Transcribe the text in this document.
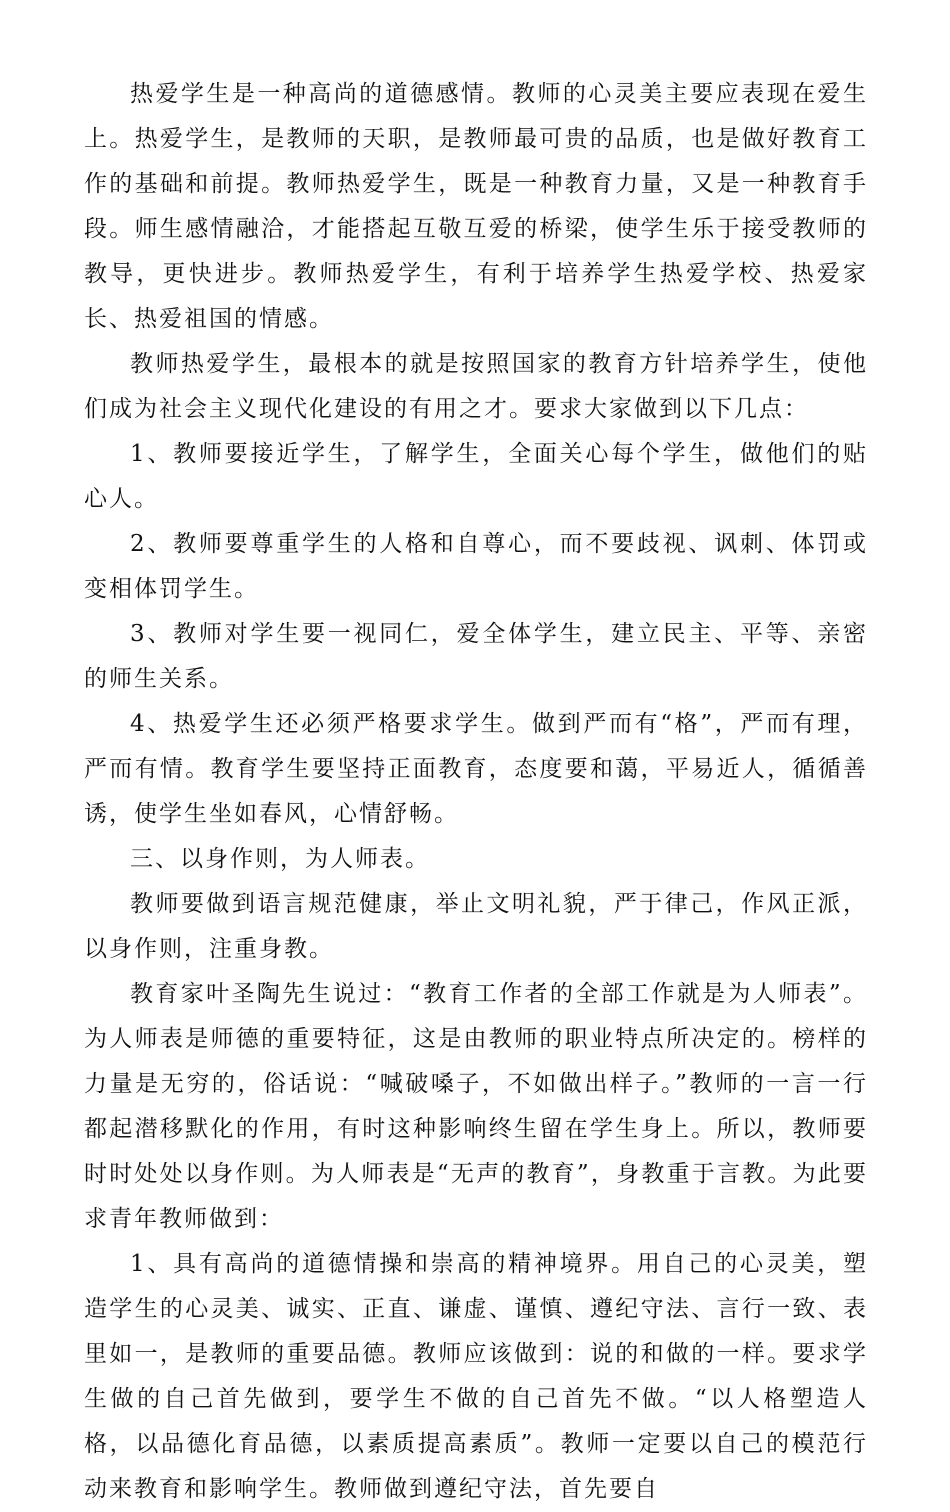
热爱学生是一种高尚的道德感情。教师的心灵美主要应表现在爱生上。热爱学生，是教师的天职，是教师最可贵的品质，也是做好教育工作的基础和前提。教师热爱学生，既是一种教育力量，又是一种教育手段。师生感情融洽，才能搭起互敬互爱的桥梁，使学生乐于接受教师的教导，更快进步。教师热爱学生，有利于培养学生热爱学校、热爱家长、热爱祖国的情感。

教师热爱学生，最根本的就是按照国家的教育方针培养学生，使他们成为社会主义现代化建设的有用之才。要求大家做到以下几点：

1、教师要接近学生，了解学生，全面关心每个学生，做他们的贴心人。

2、教师要尊重学生的人格和自尊心，而不要歧视、讽刺、体罚或变相体罚学生。

3、教师对学生要一视同仁，爱全体学生，建立民主、平等、亲密的师生关系。

4、热爱学生还必须严格要求学生。做到严而有“格”，严而有理，严而有情。教育学生要坚持正面教育，态度要和蔼，平易近人，循循善诱，使学生坐如春风，心情舒畅。

三、以身作则，为人师表。

教师要做到语言规范健康，举止文明礼貌，严于律己，作风正派，以身作则，注重身教。

教育家叶圣陶先生说过：“教育工作者的全部工作就是为人师表”。为人师表是师德的重要特征，这是由教师的职业特点所决定的。榜样的力量是无穷的，俗话说：“喊破嗓子，不如做出样子。”教师的一言一行都起潜移默化的作用，有时这种影响终生留在学生身上。所以，教师要时时处处以身作则。为人师表是“无声的教育”，身教重于言教。为此要求青年教师做到：

1、具有高尚的道德情操和崇高的精神境界。用自己的心灵美，塑造学生的心灵美、诚实、正直、谦虚、谨慎、遵纪守法、言行一致、表里如一，是教师的重要品德。教师应该做到：说的和做的一样。要求学生做的自己首先做到，要学生不做的自己首先不做。“以人格塑造人格，以品德化育品德，以素质提高素质”。教师一定要以自己的模范行动来教育和影响学生。教师做到遵纪守法，首先要自
